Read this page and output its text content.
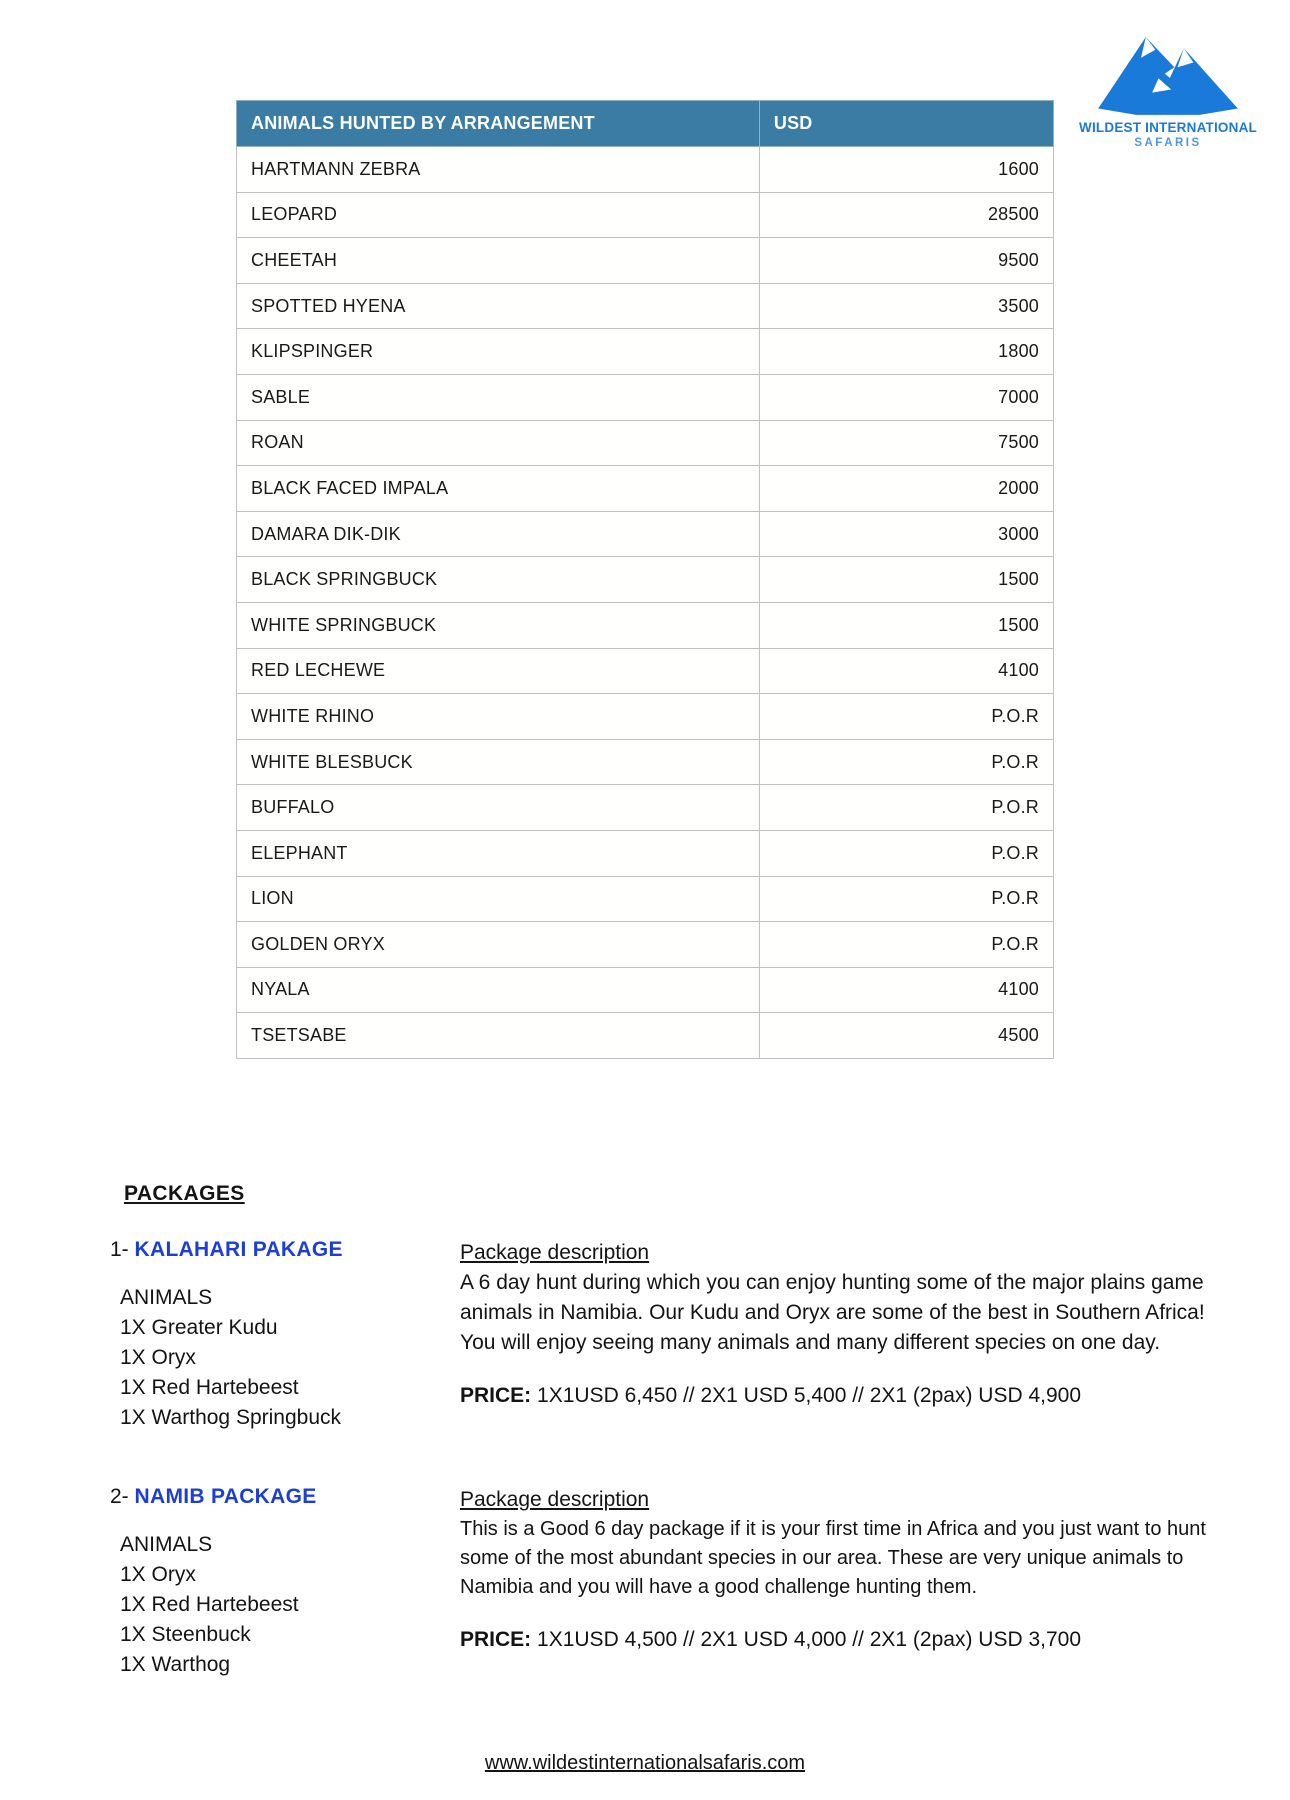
WILDEST INTERNATIONAL
SAFARIS
ANIMALS HUNTED BY ARRANGEMENT	USD
HARTMANN ZEBRA	1600
LEOPARD	28500
CHEETAH	9500
SPOTTED HYENA	3500
KLIPSPINGER	1800
SABLE	7000
ROAN	7500
BLACK FACED IMPALA	2000
DAMARA DIK-DIK	3000
BLACK SPRINGBUCK	1500
WHITE SPRINGBUCK	1500
RED LECHEWE	4100
WHITE RHINO	P.O.R
WHITE BLESBUCK	P.O.R
BUFFALO	P.O.R
ELEPHANT	P.O.R
LION	P.O.R
GOLDEN ORYX	P.O.R
NYALA	4100
TSETSABE	4500
PACKAGES
1- KALAHARI PAKAGE
ANIMALS
1X Greater Kudu
1X Oryx
1X Red Hartebeest
1X Warthog Springbuck
Package description
A 6 day hunt during which you can enjoy hunting some of the major plains game animals in Namibia. Our Kudu and Oryx are some of the best in Southern Africa! You will enjoy seeing many animals and many different species on one day.
PRICE: 1X1USD 6,450 // 2X1 USD 5,400 // 2X1 (2pax) USD 4,900
2- NAMIB PACKAGE
ANIMALS
1X Oryx
1X Red Hartebeest
1X Steenbuck
1X Warthog
Package description
This is a Good 6 day package if it is your first time in Africa and you just want to hunt some of the most abundant species in our area. These are very unique animals to Namibia and you will have a good challenge hunting them.
PRICE: 1X1USD 4,500 // 2X1 USD 4,000 // 2X1 (2pax) USD 3,700
www.wildestinternationalsafaris.com
